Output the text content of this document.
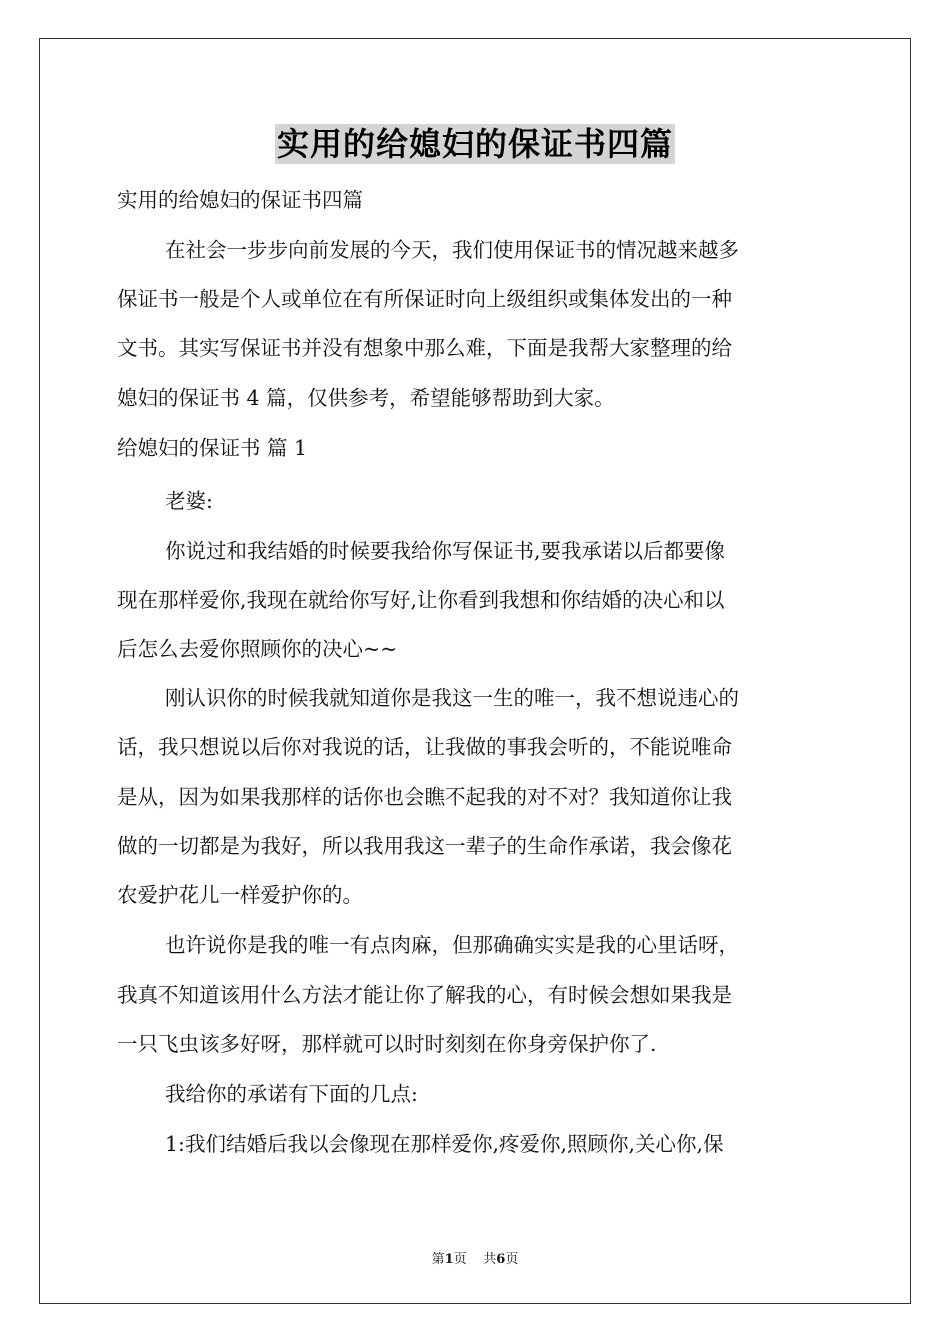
实用的给媳妇的保证书四篇
实用的给媳妇的保证书四篇
在社会一步步向前发展的今天，我们使用保证书的情况越来越多
保证书一般是个人或单位在有所保证时向上级组织或集体发出的一种
文书。其实写保证书并没有想象中那么难，下面是我帮大家整理的给
媳妇的保证书 4 篇，仅供参考，希望能够帮助到大家。
给媳妇的保证书 篇 1
老婆:
你说过和我结婚的时候要我给你写保证书,要我承诺以后都要像
现在那样爱你,我现在就给你写好,让你看到我想和你结婚的决心和以
后怎么去爱你照顾你的决心~~
刚认识你的时候我就知道你是我这一生的唯一，我不想说违心的
话，我只想说以后你对我说的话，让我做的事我会听的，不能说唯命
是从，因为如果我那样的话你也会瞧不起我的对不对？我知道你让我
做的一切都是为我好，所以我用我这一辈子的生命作承诺，我会像花
农爱护花儿一样爱护你的。
也许说你是我的唯一有点肉麻，但那确确实实是我的心里话呀，
我真不知道该用什么方法才能让你了解我的心，有时候会想如果我是
一只飞虫该多好呀，那样就可以时时刻刻在你身旁保护你了.
我给你的承诺有下面的几点:
1:我们结婚后我以会像现在那样爱你,疼爱你,照顾你,关心你,保
第1页 共6页
